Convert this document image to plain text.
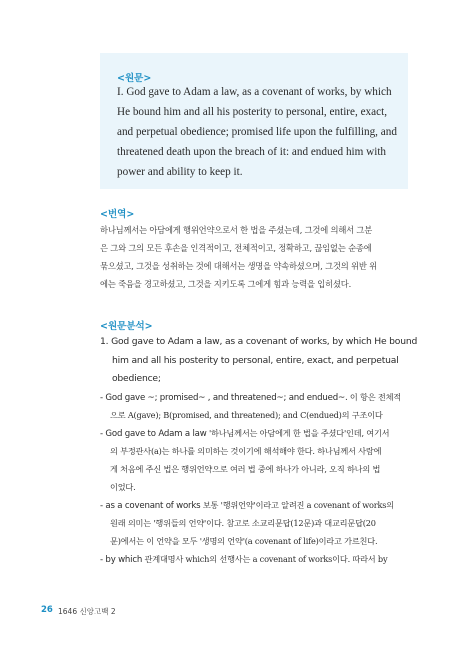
<원문>
I. God gave to Adam a law, as a covenant of works, by which
He bound him and all his posterity to personal, entire, exact,
and perpetual obedience; promised life upon the fulfilling, and
threatened death upon the breach of it: and endued him with
power and ability to keep it.
<번역>
하나님께서는 아담에게 행위언약으로서 한 법을 주셨는데, 그것에 의해서 그분
은 그와 그의 모든 후손을 인격적이고, 전체적이고, 정확하고, 끊임없는 순종에
묶으셨고, 그것을 성취하는 것에 대해서는 생명을 약속하셨으며, 그것의 위반 위
에는 죽음을 경고하셨고, 그것을 지키도록 그에게 힘과 능력을 입히셨다.
<원문분석>
1. God gave to Adam a law, as a covenant of works, by which He bound
him and all his posterity to personal, entire, exact, and perpetual
obedience;
- God gave ~; promised~ , and threatened~; and endued~. 이 항은 전체적
으로 A(gave); B(promised, and threatened); and C(endued)의 구조이다
- God gave to Adam a law '하나님께서는 아담에게 한 법을 주셨다'인데, 여기서
의 부정관사(a)는 하나를 의미하는 것이기에 해석해야 한다. 하나님께서 사람에
게 처음에 주신 법은 행위언약으로 여러 법 중에 하나가 아니라, 오직 하나의 법
이었다.
- as a covenant of works 보통 '행위언약'이라고 알려진 a covenant of works의
원래 의미는 '행위들의 언약'이다. 참고로 소교리문답(12문)과 대교리문답(20
문)에서는 이 언약을 모두 '생명의 언약'(a covenant of life)이라고 가르친다.
- by which 관계대명사 which의 선행사는 a covenant of works이다. 따라서 by
26 1646 신앙고백 2
